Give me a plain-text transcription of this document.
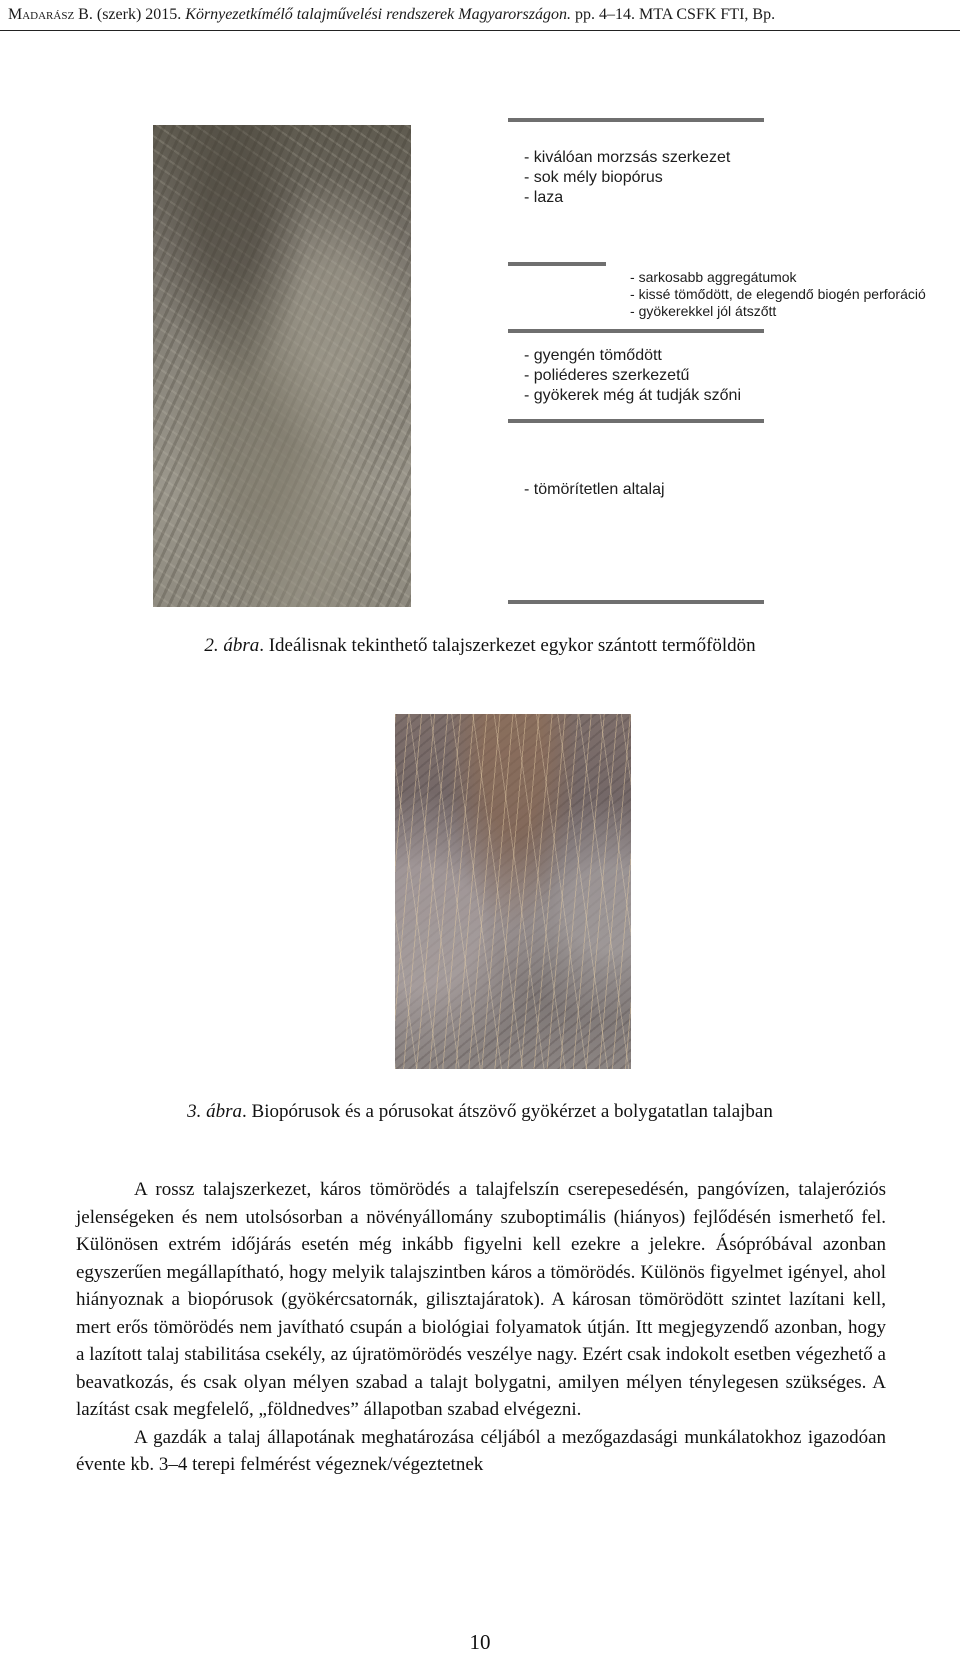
Madarász B. (szerk) 2015. Környezetkímélő talajművelési rendszerek Magyarországon. pp. 4–14. MTA CSFK FTI, Bp.
- kiválóan morzsás szerkezet
- sok mély biopórus
- laza
- sarkosabb aggregátumok
- kissé tömődött, de elegendő biogén perforáció
- gyökerekkel jól átszőtt
- gyengén tömődött
- poliéderes szerkezetű
- gyökerek még át tudják szőni
- tömörítetlen altalaj
2. ábra. Ideálisnak tekinthető talajszerkezet egykor szántott termőföldön
3. ábra. Biopórusok és a pórusokat átszövő gyökérzet a bolygatatlan talajban

A rossz talajszerkezet, káros tömörödés a talajfelszín cserepesedésén, pangóvízen, talajeróziós jelenségeken és nem utolsósorban a növényállomány szuboptimális (hiányos) fejlődésén ismerhető fel. Különösen extrém időjárás esetén még inkább figyelni kell ezekre a jelekre. Ásópróbával azonban egyszerűen megállapítható, hogy melyik talajszintben káros a tömörödés. Különös figyelmet igényel, ahol hiányoznak a biopórusok (gyökércsatornák, gilisztajáratok). A károsan tömörödött szintet lazítani kell, mert erős tömörödés nem javítható csupán a biológiai folyamatok útján. Itt megjegyzendő azonban, hogy a lazított talaj stabilitása csekély, az újratömörödés veszélye nagy. Ezért csak indokolt esetben végezhető a beavatkozás, és csak olyan mélyen szabad a talajt bolygatni, amilyen mélyen ténylegesen szükséges. A lazítást csak megfelelő, „földnedves” állapotban szabad elvégezni.

A gazdák a talaj állapotának meghatározása céljából a mezőgazdasági munkálatokhoz igazodóan évente kb. 3–4 terepi felmérést végeznek/végeztetnek

10
